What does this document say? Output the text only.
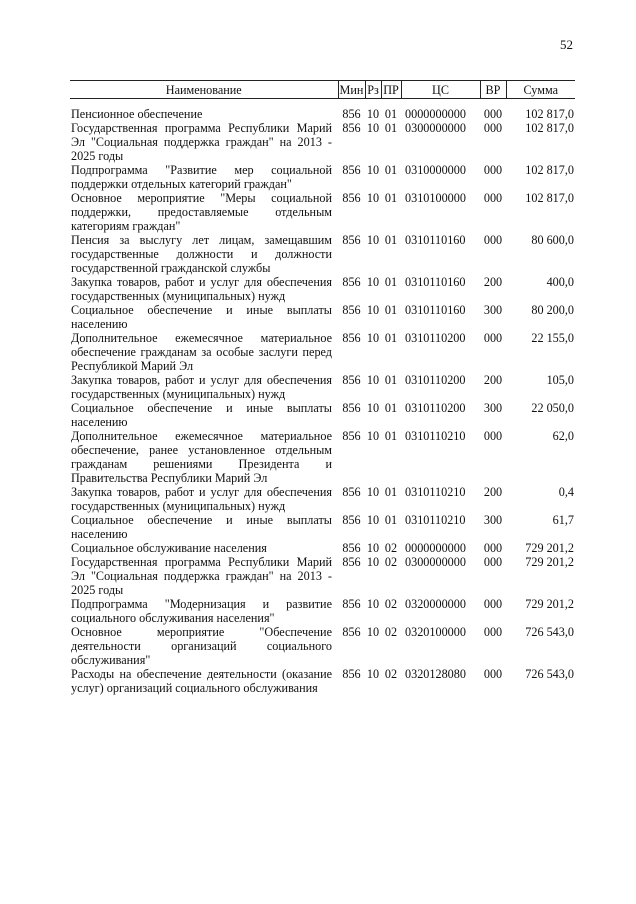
52
Наименование	Мин	Рз	ПР	ЦС	ВР	Сумма

Пенсионное обеспечение	856	10	01	0000000000	000	102 817,0
Государственная программа Республики Марий Эл "Социальная поддержка граждан" на 2013 - 2025 годы	856	10	01	0300000000	000	102 817,0
Подпрограмма "Развитие мер социальной поддержки отдельных категорий граждан"	856	10	01	0310000000	000	102 817,0
Основное мероприятие "Меры социальной поддержки, предоставляемые отдельным категориям граждан"	856	10	01	0310100000	000	102 817,0
Пенсия за выслугу лет лицам, замещавшим государственные должности и должности государственной гражданской службы	856	10	01	0310110160	000	80 600,0
Закупка товаров, работ и услуг для обеспечения государственных (муниципальных) нужд	856	10	01	0310110160	200	400,0
Социальное обеспечение и иные выплаты населению	856	10	01	0310110160	300	80 200,0
Дополнительное ежемесячное материальное обеспечение гражданам за особые заслуги перед Республикой Марий Эл	856	10	01	0310110200	000	22 155,0
Закупка товаров, работ и услуг для обеспечения государственных (муниципальных) нужд	856	10	01	0310110200	200	105,0
Социальное обеспечение и иные выплаты населению	856	10	01	0310110200	300	22 050,0
Дополнительное ежемесячное материальное обеспечение, ранее установленное отдельным гражданам решениями Президента и Правительства Республики Марий Эл	856	10	01	0310110210	000	62,0
Закупка товаров, работ и услуг для обеспечения государственных (муниципальных) нужд	856	10	01	0310110210	200	0,4
Социальное обеспечение и иные выплаты населению	856	10	01	0310110210	300	61,7
Социальное обслуживание населения	856	10	02	0000000000	000	729 201,2
Государственная программа Республики Марий Эл "Социальная поддержка граждан" на 2013 - 2025 годы	856	10	02	0300000000	000	729 201,2
Подпрограмма "Модернизация и развитие социального обслуживания населения"	856	10	02	0320000000	000	729 201,2
Основное мероприятие "Обеспечение деятельности организаций социального обслуживания"	856	10	02	0320100000	000	726 543,0
Расходы на обеспечение деятельности (оказание услуг) организаций социального обслуживания	856	10	02	0320128080	000	726 543,0
